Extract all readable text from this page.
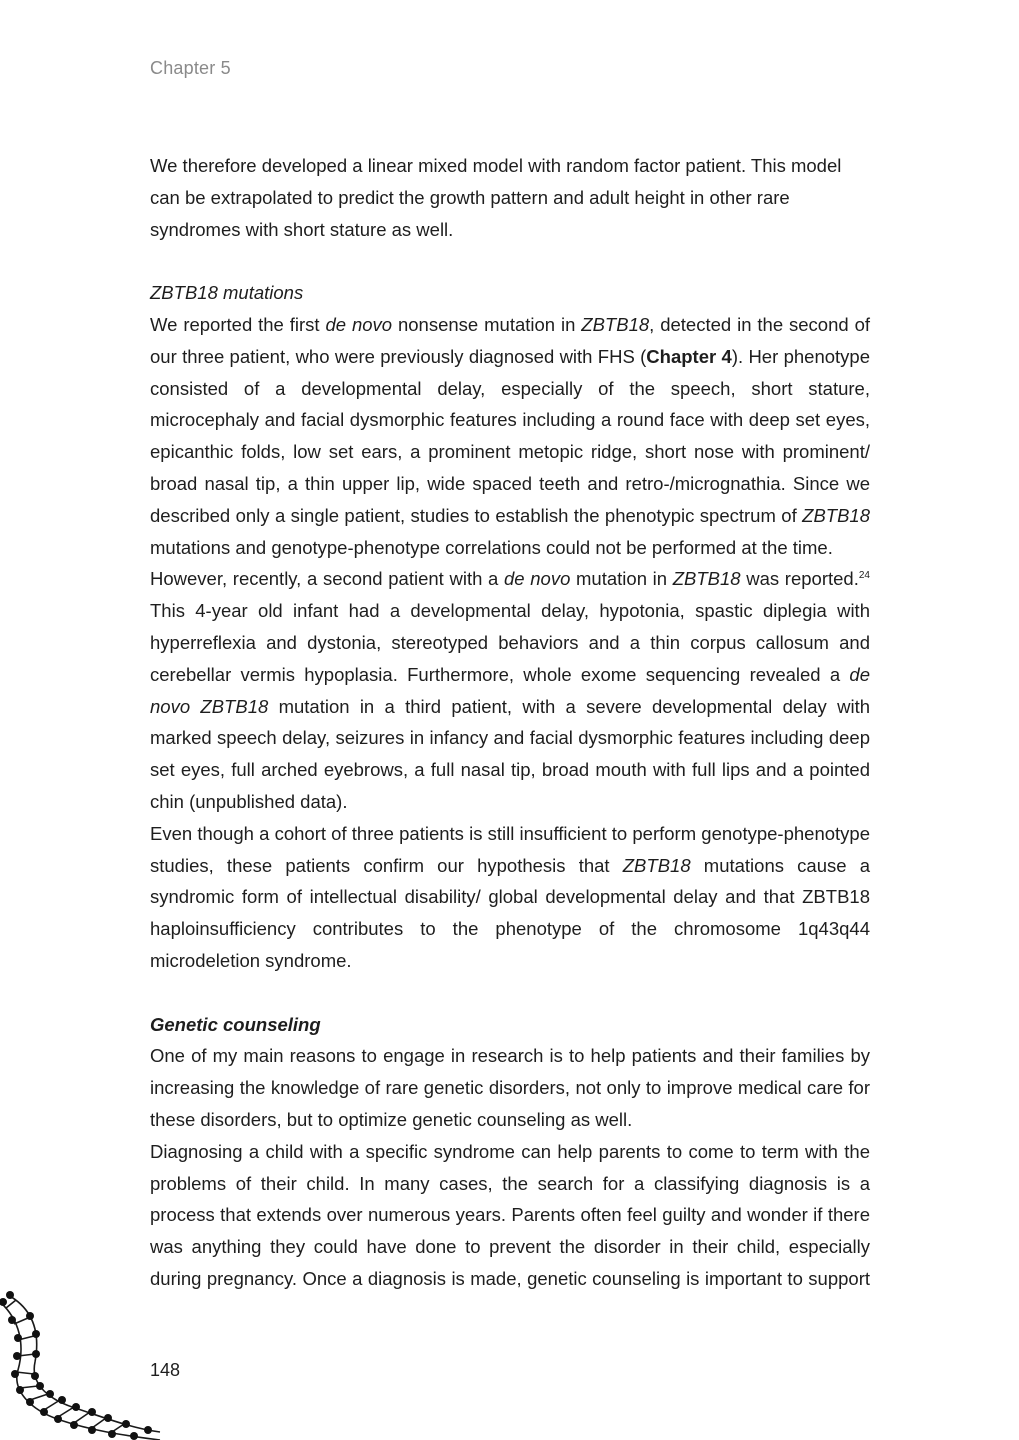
Chapter 5

We therefore developed a linear mixed model with random factor patient. This model can be extrapolated to predict the growth pattern and adult height in other rare syndromes with short stature as well.

ZBTB18 mutations

We reported the first de novo nonsense mutation in ZBTB18, detected in the second of our three patient, who were previously diagnosed with FHS (Chapter 4). Her phenotype consisted of a developmental delay, especially of the speech, short stature, microcephaly and facial dysmorphic features including a round face with deep set eyes, epicanthic folds, low set ears, a prominent metopic ridge, short nose with prominent/ broad nasal tip, a thin upper lip, wide spaced teeth and retro-/micrognathia. Since we described only a single patient, studies to establish the phenotypic spectrum of ZBTB18 mutations and genotype-phenotype correlations could not be performed at the time.

However, recently, a second patient with a de novo mutation in ZBTB18 was reported.$^{24}$ This 4-year old infant had a developmental delay, hypotonia, spastic diplegia with hyperreflexia and dystonia, stereotyped behaviors and a thin corpus callosum and cerebellar vermis hypoplasia. Furthermore, whole exome sequencing revealed a de novo ZBTB18 mutation in a third patient, with a severe developmental delay with marked speech delay, seizures in infancy and facial dysmorphic features including deep set eyes, full arched eyebrows, a full nasal tip, broad mouth with full lips and a pointed chin (unpublished data).

Even though a cohort of three patients is still insufficient to perform genotype-phenotype studies, these patients confirm our hypothesis that ZBTB18 mutations cause a syndromic form of intellectual disability/ global developmental delay and that ZBTB18 haploinsufficiency contributes to the phenotype of the chromosome 1q43q44 microdeletion syndrome.

Genetic counseling

One of my main reasons to engage in research is to help patients and their families by increasing the knowledge of rare genetic disorders, not only to improve medical care for these disorders, but to optimize genetic counseling as well.

Diagnosing a child with a specific syndrome can help parents to come to term with the problems of their child. In many cases, the search for a classifying diagnosis is a process that extends over numerous years. Parents often feel guilty and wonder if there was anything they could have done to prevent the disorder in their child, especially during pregnancy. Once a diagnosis is made, genetic counseling is important to support

148
